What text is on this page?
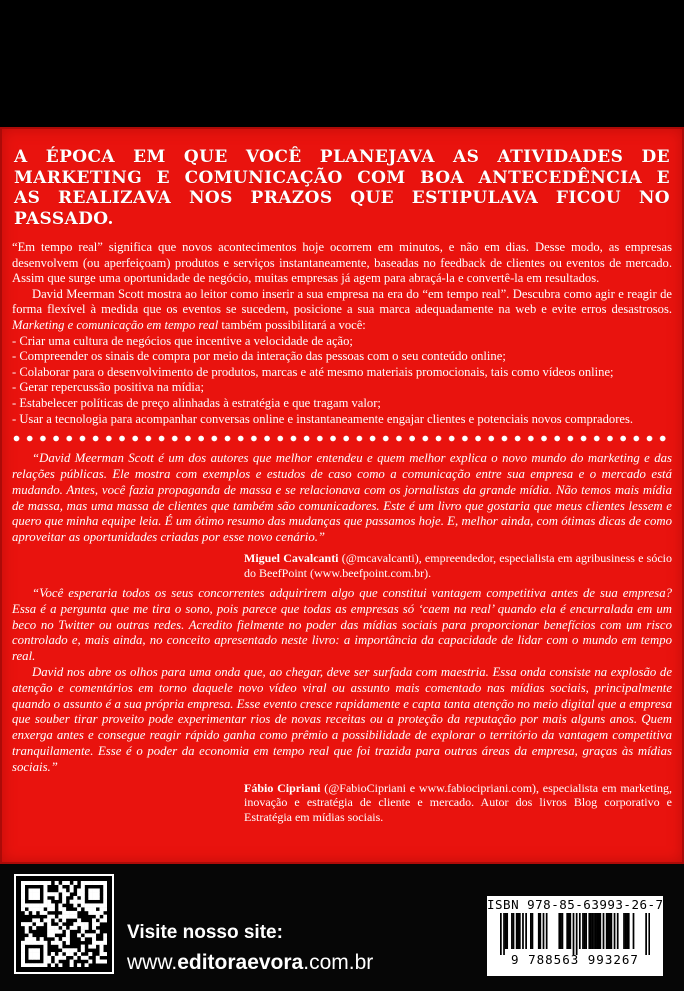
A ÉPOCA EM QUE VOCÊ PLANEJAVA AS ATIVIDADES DE MARKETING E COMUNICAÇÃO COM BOA ANTECEDÊNCIA E AS REALIZAVA NOS PRAZOS QUE ESTIPULAVA FICOU NO PASSADO.

“Em tempo real” significa que novos acontecimentos hoje ocorrem em minutos, e não em dias. Desse modo, as empresas desenvolvem (ou aperfeiçoam) produtos e serviços instantaneamente, baseadas no feedback de clientes ou eventos de mercado. Assim que surge uma oportunidade de negócio, muitas empresas já agem para abraçá-la e convertê-la em resultados.

David Meerman Scott mostra ao leitor como inserir a sua empresa na era do “em tempo real”. Descubra como agir e reagir de forma flexível à medida que os eventos se sucedem, posicione a sua marca adequadamente na web e evite erros desastrosos. Marketing e comunicação em tempo real também possibilitará a você:

- Criar uma cultura de negócios que incentive a velocidade de ação;

- Compreender os sinais de compra por meio da interação das pessoas com o seu conteúdo online;

- Colaborar para o desenvolvimento de produtos, marcas e até mesmo materiais promocionais, tais como vídeos online;

- Gerar repercussão positiva na mídia;

- Estabelecer políticas de preço alinhadas à estratégia e que tragam valor;

- Usar a tecnologia para acompanhar conversas online e instantaneamente engajar clientes e potenciais novos compradores.

“David Meerman Scott é um dos autores que melhor entendeu e quem melhor explica o novo mundo do marketing e das relações públicas. Ele mostra com exemplos e estudos de caso como a comunicação entre sua empresa e o mercado está mudando. Antes, você fazia propaganda de massa e se relacionava com os jornalistas da grande mídia. Não temos mais mídia de massa, mas uma massa de clientes que também são comunicadores. Este é um livro que gostaria que meus clientes lessem e quero que minha equipe leia. É um ótimo resumo das mudanças que passamos hoje. E, melhor ainda, com ótimas dicas de como aproveitar as oportunidades criadas por esse novo cenário.”

Miguel Cavalcanti (@mcavalcanti), empreendedor, especialista em agribusiness e sócio do BeefPoint (www.beefpoint.com.br).

“Você esperaria todos os seus concorrentes adquirirem algo que constitui vantagem competitiva antes de sua empresa? Essa é a pergunta que me tira o sono, pois parece que todas as empresas só ‘caem na real’ quando ela é encurralada em um beco no Twitter ou outras redes. Acredito fielmente no poder das mídias sociais para proporcionar benefícios com um risco controlado e, mais ainda, no conceito apresentado neste livro: a importância da capacidade de lidar com o mundo em tempo real.

David nos abre os olhos para uma onda que, ao chegar, deve ser surfada com maestria. Essa onda consiste na explosão de atenção e comentários em torno daquele novo vídeo viral ou assunto mais comentado nas mídias sociais, principalmente quando o assunto é a sua própria empresa. Esse evento cresce rapidamente e capta tanta atenção no meio digital que a empresa que souber tirar proveito pode experimentar rios de novas receitas ou a proteção da reputação por mais alguns anos. Quem enxerga antes e consegue reagir rápido ganha como prêmio a possibilidade de explorar o território da vantagem competitiva tranquilamente. Esse é o poder da economia em tempo real que foi trazida para outras áreas da empresa, graças às mídias sociais.”

Fábio Cipriani (@FabioCipriani e www.fabiocipriani.com), especialista em marketing, inovação e estratégia de cliente e mercado. Autor dos livros Blog corporativo e Estratégia em mídias sociais.

Visite nosso site:
www.editoraevora.com.br
ISBN 978-85-63993-26-7
9 788563 993267
